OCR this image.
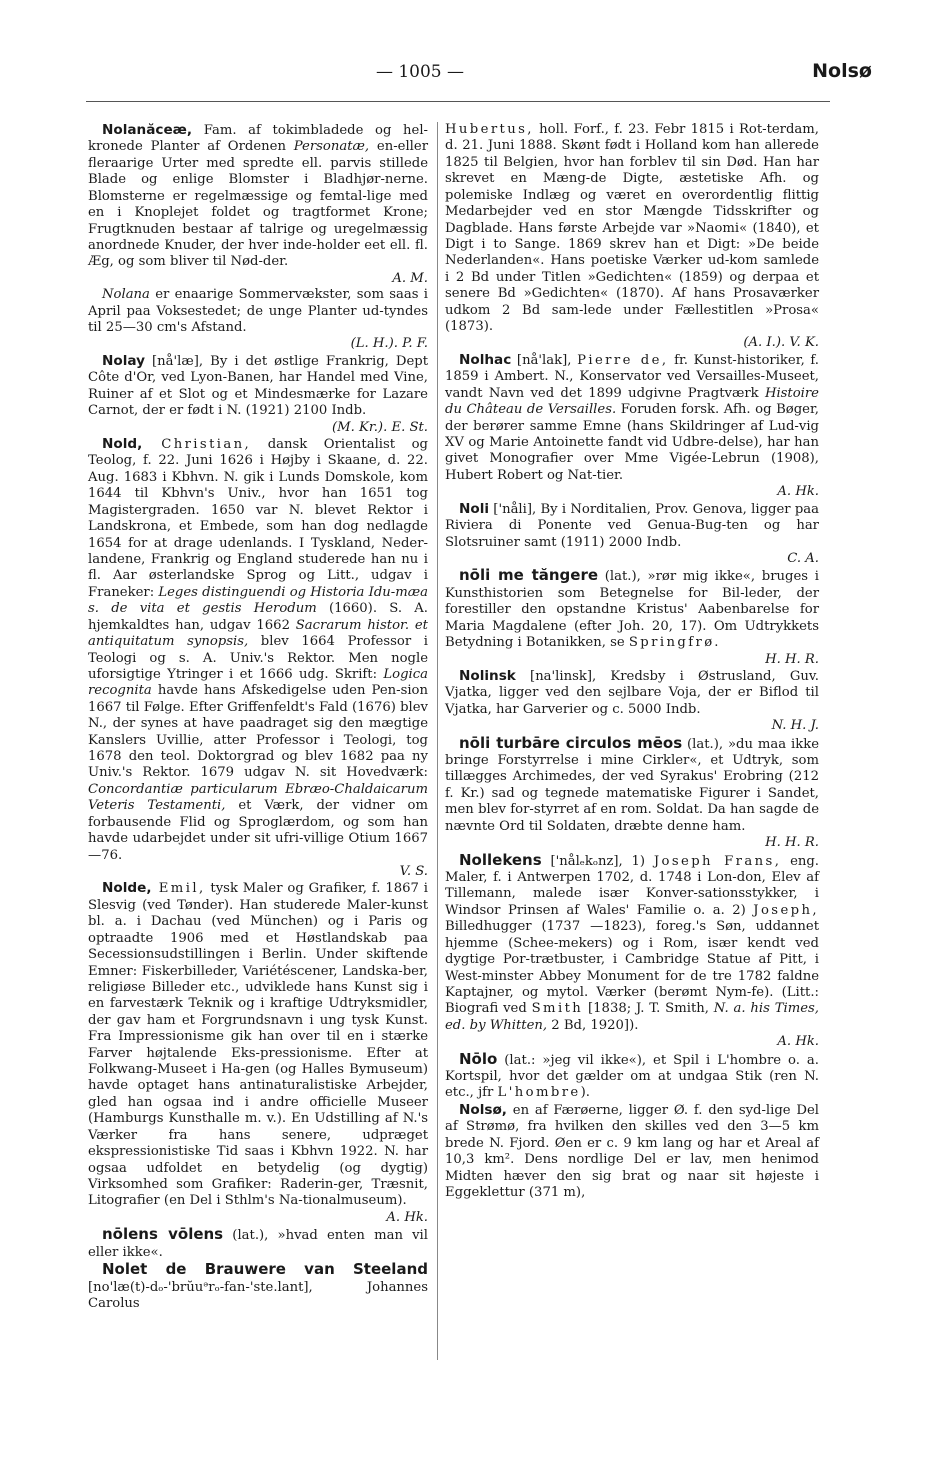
— 1005 —	Nolsø

Nolanăceæ, Fam. af tokimbladede og hel-kronede Planter af Ordenen Personatæ, en-eller fleraarige Urter med spredte ell. parvis stillede Blade og enlige Blomster i Bladhjør-nerne. Blomsterne er regelmæssige og femtal-lige med en i Knoplejet foldet og tragtformet Krone; Frugtknuden bestaar af talrige og uregelmæssig anordnede Knuder, der hver inde-holder eet ell. fl. Æg, og som bliver til Nød-der.
A. M.

Nolana er enaarige Sommervækster, som saas i April paa Voksestedet; de unge Planter ud-tyndes til 25—30 cm's Afstand.
(L. H.). P. F.

Nolay [nå'læ], By i det østlige Frankrig, Dept Côte d'Or, ved Lyon-Banen, har Handel med Vine, Ruiner af et Slot og et Mindesmærke for Lazare Carnot, der er født i N. (1921) 2100 Indb.
(M. Kr.). E. St.

Nold, Christian, dansk Orientalist og Teolog, f. 22. Juni 1626 i Højby i Skaane, d. 22. Aug. 1683 i Kbhvn. N. gik i Lunds Domskole, kom 1644 til Kbhvn's Univ., hvor han 1651 tog Magistergraden. 1650 var N. blevet Rektor i Landskrona, et Embede, som han dog nedlagde 1654 for at drage udenlands. I Tyskland, Neder-landene, Frankrig og England studerede han nu i fl. Aar østerlandske Sprog og Litt., udgav i Franeker: Leges distinguendi og Historia Idu-mæa s. de vita et gestis Herodum (1660). S. A. hjemkaldtes han, udgav 1662 Sacrarum histor. et antiquitatum synopsis, blev 1664 Professor i Teologi og s. A. Univ.'s Rektor. Men nogle uforsigtige Ytringer i et 1666 udg. Skrift: Logica recognita havde hans Afskedigelse uden Pen-sion 1667 til Følge. Efter Griffenfeldt's Fald (1676) blev N., der synes at have paadraget sig den mægtige Kanslers Uvillie, atter Professor i Teologi, tog 1678 den teol. Doktorgrad og blev 1682 paa ny Univ.'s Rektor. 1679 udgav N. sit Hovedværk: Concordantiæ particularum Ebræo-Chaldaicarum Veteris Testamenti, et Værk, der vidner om forbausende Flid og Sproglærdom, og som han havde udarbejdet under sit ufri-villige Otium 1667—76.
V. S.

Nolde, Emil, tysk Maler og Grafiker, f. 1867 i Slesvig (ved Tønder). Han studerede Maler-kunst bl. a. i Dachau (ved München) og i Paris og optraadte 1906 med et Høstlandskab paa Secessionsudstillingen i Berlin. Under skiftende Emner: Fiskerbilleder, Variétéscener, Landska-ber, religiøse Billeder etc., udviklede hans Kunst sig i en farvestærk Teknik og i kraftige Udtryksmidler, der gav ham et Forgrundsnavn i ung tysk Kunst. Fra Impressionisme gik han over til en i stærke Farver højtalende Eks-pressionisme. Efter at Folkwang-Museet i Ha-gen (og Halles Bymuseum) havde optaget hans antinaturalistiske Arbejder, gled han ogsaa ind i andre officielle Museer (Hamburgs Kunsthalle m. v.). En Udstilling af N.'s Værker fra hans senere, udpræget ekspressionistiske Tid saas i Kbhvn 1922. N. har ogsaa udfoldet en betydelig (og dygtig) Virksomhed som Grafiker: Raderin-ger, Træsnit, Litografier (en Del i Sthlm's Na-tionalmuseum).
A. Hk.

nōlens vōlens (lat.), »hvad enten man vil eller ikke«.

Nolet de Brauwere van Steeland [no'læ(t)-dₒ-'brŭuᵊrₒ-fan-'ste.lant], Johannes Carolus

Hubertus, holl. Forf., f. 23. Febr 1815 i Rot-terdam, d. 21. Juni 1888. Skønt født i Holland kom han allerede 1825 til Belgien, hvor han forblev til sin Død. Han har skrevet en Mæng-de Digte, æstetiske Afh. og polemiske Indlæg og været en overordentlig flittig Medarbejder ved en stor Mængde Tidsskrifter og Dagblade. Hans første Arbejde var »Naomi« (1840), et Digt i to Sange. 1869 skrev han et Digt: »De beide Nederlanden«. Hans poetiske Værker ud-kom samlede i 2 Bd under Titlen »Gedichten« (1859) og derpaa et senere Bd »Gedichten« (1870). Af hans Prosaværker udkom 2 Bd sam-lede under Fællestitlen »Prosa« (1873).
(A. I.). V. K.

Nolhac [nå'lak], Pierre de, fr. Kunst-historiker, f. 1859 i Ambert. N., Konservator ved Versailles-Museet, vandt Navn ved det 1899 udgivne Pragtværk Histoire du Château de Versailles. Foruden forsk. Afh. og Bøger, der berører samme Emne (hans Skildringer af Lud-vig XV og Marie Antoinette fandt vid Udbre-delse), har han givet Monografier over Mme Vigée-Lebrun (1908), Hubert Robert og Nat-tier.
A. Hk.

Noli ['nåli], By i Norditalien, Prov. Genova, ligger paa Riviera di Ponente ved Genua-Bug-ten og har Slotsruiner samt (1911) 2000 Indb.
C. A.

nōli me tăngere (lat.), »rør mig ikke«, bruges i Kunsthistorien som Betegnelse for Bil-leder, der forestiller den opstandne Kristus' Aabenbarelse for Maria Magdalene (efter Joh. 20, 17). Om Udtrykkets Betydning i Botanikken, se Springfrø.
H. H. R.

Nolinsk [na'linsk], Kredsby i Østrusland, Guv. Vjatka, ligger ved den sejlbare Voja, der er Biflod til Vjatka, har Garverier og c. 5000 Indb.
N. H. J.

nōli turbāre circulos mēos (lat.), »du maa ikke bringe Forstyrrelse i mine Cirkler«, et Udtryk, som tillægges Archimedes, der ved Syrakus' Erobring (212 f. Kr.) sad og tegnede matematiske Figurer i Sandet, men blev for-styrret af en rom. Soldat. Da han sagde de nævnte Ord til Soldaten, dræbte denne ham.
H. H. R.

Nollekens ['nålₑkₒnz], 1) Joseph Frans, eng. Maler, f. i Antwerpen 1702, d. 1748 i Lon-don, Elev af Tillemann, malede især Konver-sationsstykker, i Windsor Prinsen af Wales' Familie o. a. 2) Joseph, Billedhugger (1737 —1823), foreg.'s Søn, uddannet hjemme (Schee-mekers) og i Rom, især kendt ved dygtige Por-trætbuster, i Cambridge Statue af Pitt, i West-minster Abbey Monument for de tre 1782 faldne Kaptajner, og mytol. Værker (berømt Nym-fe). (Litt.: Biografi ved Smith [1838; J. T. Smith, N. a. his Times, ed. by Whitten, 2 Bd, 1920]).
A. Hk.

Nōlo (lat.: »jeg vil ikke«), et Spil i L'hombre o. a. Kortspil, hvor det gælder om at undgaa Stik (ren N. etc., jfr L'hombre).

Nolsø, en af Færøerne, ligger Ø. f. den syd-lige Del af Strømø, fra hvilken den skilles ved den 3—5 km brede N. Fjord. Øen er c. 9 km lang og har et Areal af 10,3 km². Dens nordlige Del er lav, men henimod Midten hæver den sig brat og naar sit højeste i Eggeklettur (371 m),
